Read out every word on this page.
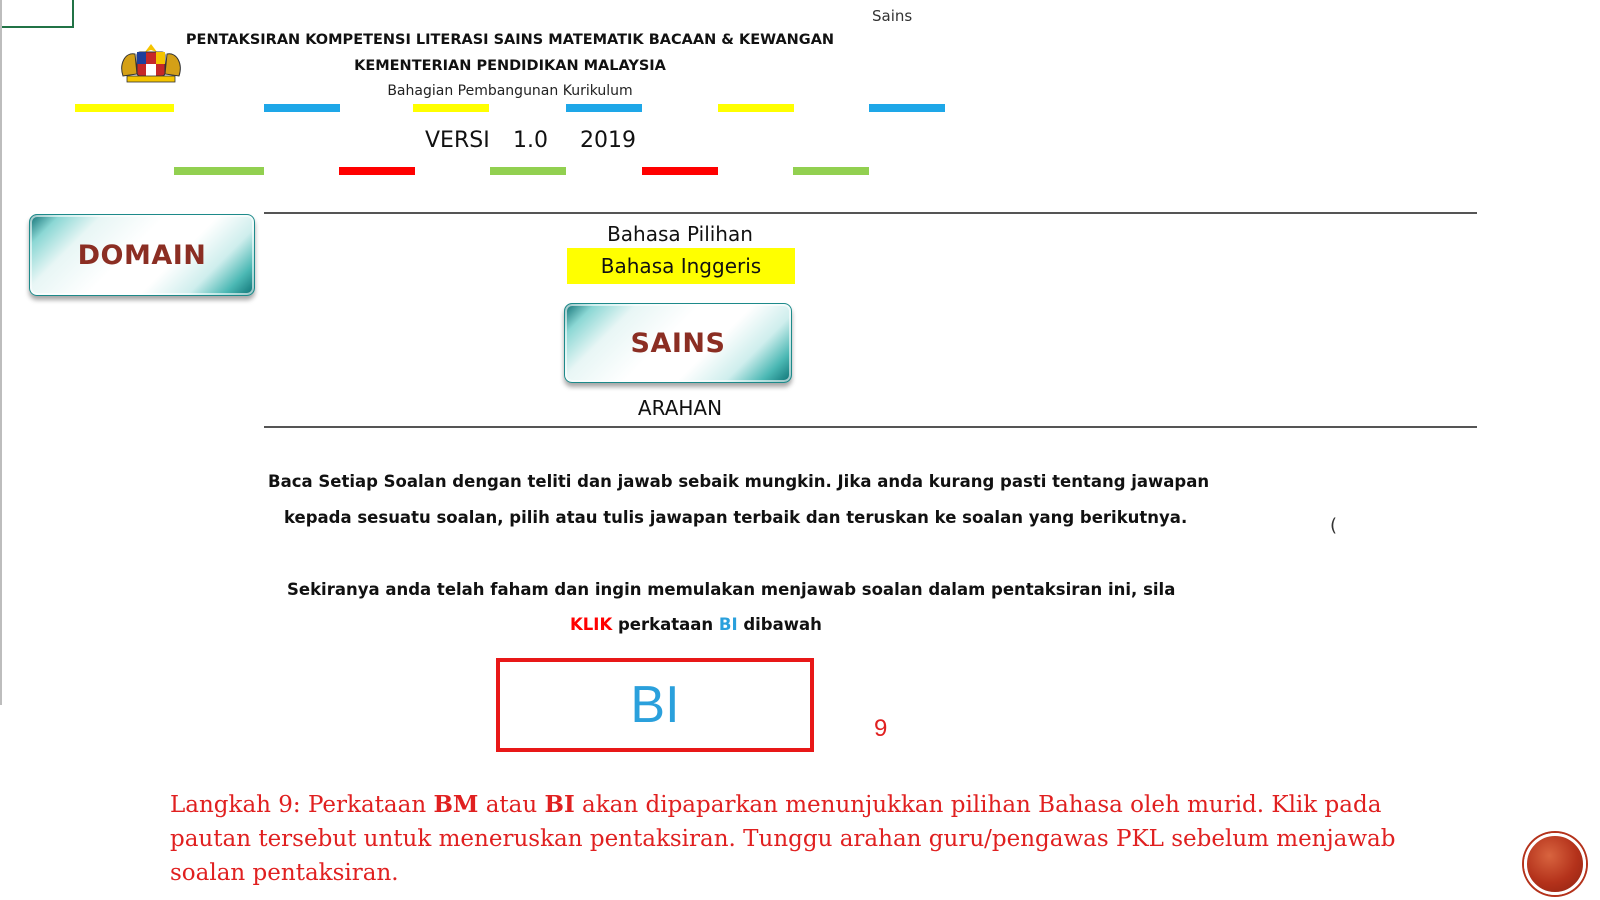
Sains
PENTAKSIRAN KOMPETENSI LITERASI SAINS MATEMATIK BACAAN & KEWANGAN
KEMENTERIAN PENDIDIKAN MALAYSIA
Bahagian Pembangunan Kurikulum
VERSI 1.0 2019
DOMAIN
Bahasa Pilihan
Bahasa Inggeris
SAINS
ARAHAN
Baca Setiap Soalan dengan teliti dan jawab sebaik mungkin. Jika anda kurang pasti tentang jawapan
kepada sesuatu soalan, pilih atau tulis jawapan terbaik dan teruskan ke soalan yang berikutnya.	(
Sekiranya anda telah faham dan ingin memulakan menjawab soalan dalam pentaksiran ini, sila
KLIK perkataan BI dibawah
BI	9
Langkah 9: Perkataan BM atau BI akan dipaparkan menunjukkan pilihan Bahasa oleh murid. Klik pada pautan tersebut untuk meneruskan pentaksiran. Tunggu arahan guru/pengawas PKL sebelum menjawab soalan pentaksiran.
